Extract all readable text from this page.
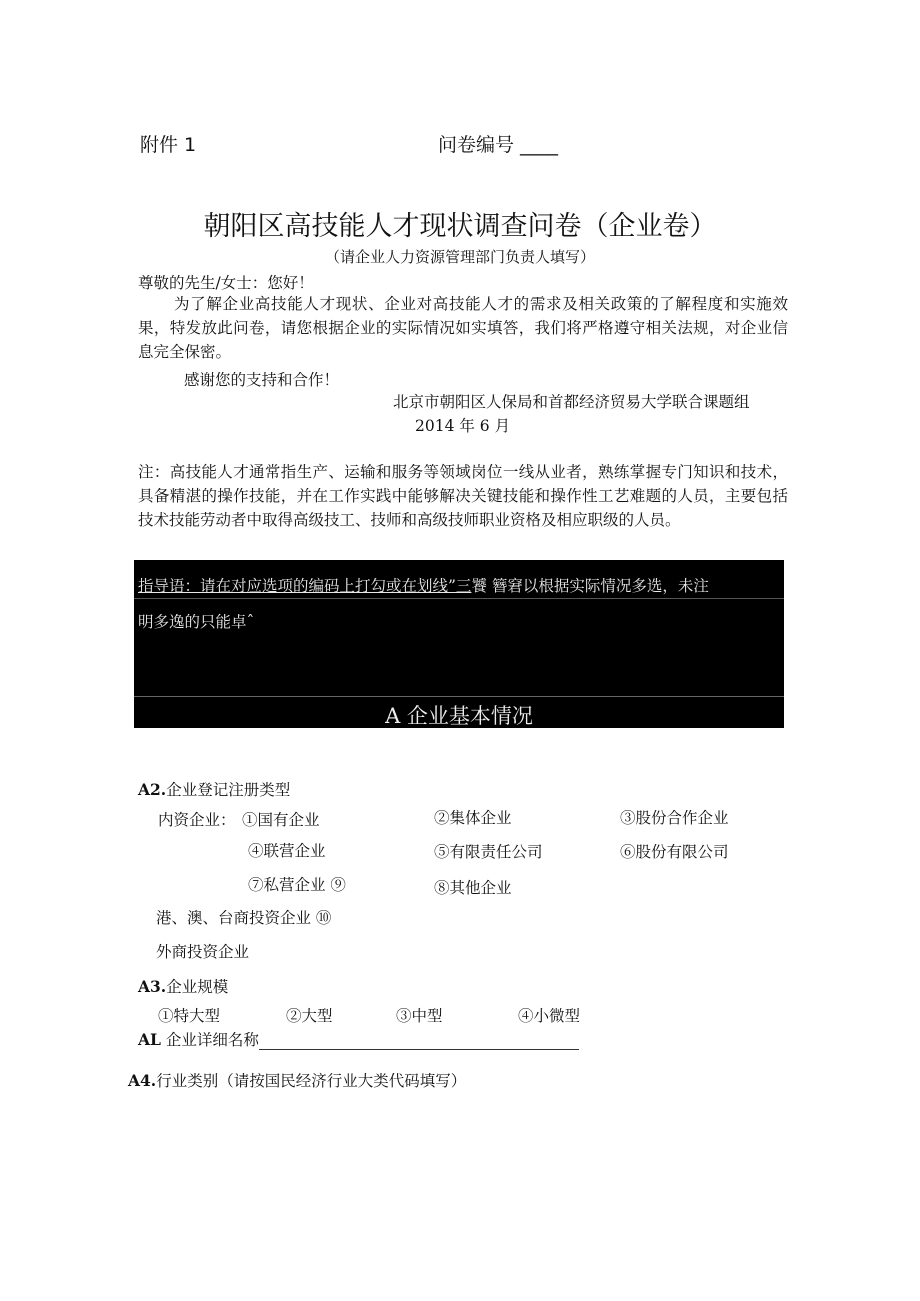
附件 1	问卷编号 ____
朝阳区高技能人才现状调查问卷（企业卷）
（请企业人力资源管理部门负责人填写）
尊敬的先生/女士：您好！
为了解企业高技能人才现状、企业对高技能人才的需求及相关政策的了解程度和实施效果，特发放此问卷，请您根据企业的实际情况如实填答，我们将严格遵守相关法规，对企业信息完全保密。
感谢您的支持和合作！
北京市朝阳区人保局和首都经济贸易大学联合课题组
2014 年 6 月
注：高技能人才通常指生产、运输和服务等领域岗位一线从业者，熟练掌握专门知识和技术，具备精湛的操作技能，并在工作实践中能够解决关键技能和操作性工艺难题的人员，主要包括技术技能劳动者中取得高级技工、技师和高级技师职业资格及相应职级的人员。
指导语：请在对应选项的编码上打勾或在划线”三饕 簪窘以根据实际情况多选，未注
明多逸的只能卓ˆ
A 企业基本情况
A2.企业登记注册类型
内资企业： ①国有企业	②集体企业	③股份合作企业
④联营企业	⑤有限责任公司	⑥股份有限公司
⑦私营企业 ⑨	⑧其他企业
港、澳、台商投资企业 ⑩
外商投资企业
A3.企业规模
①特大型	②大型	③中型	④小微型
AL 企业详细名称
A4.行业类别（请按国民经济行业大类代码填写）
